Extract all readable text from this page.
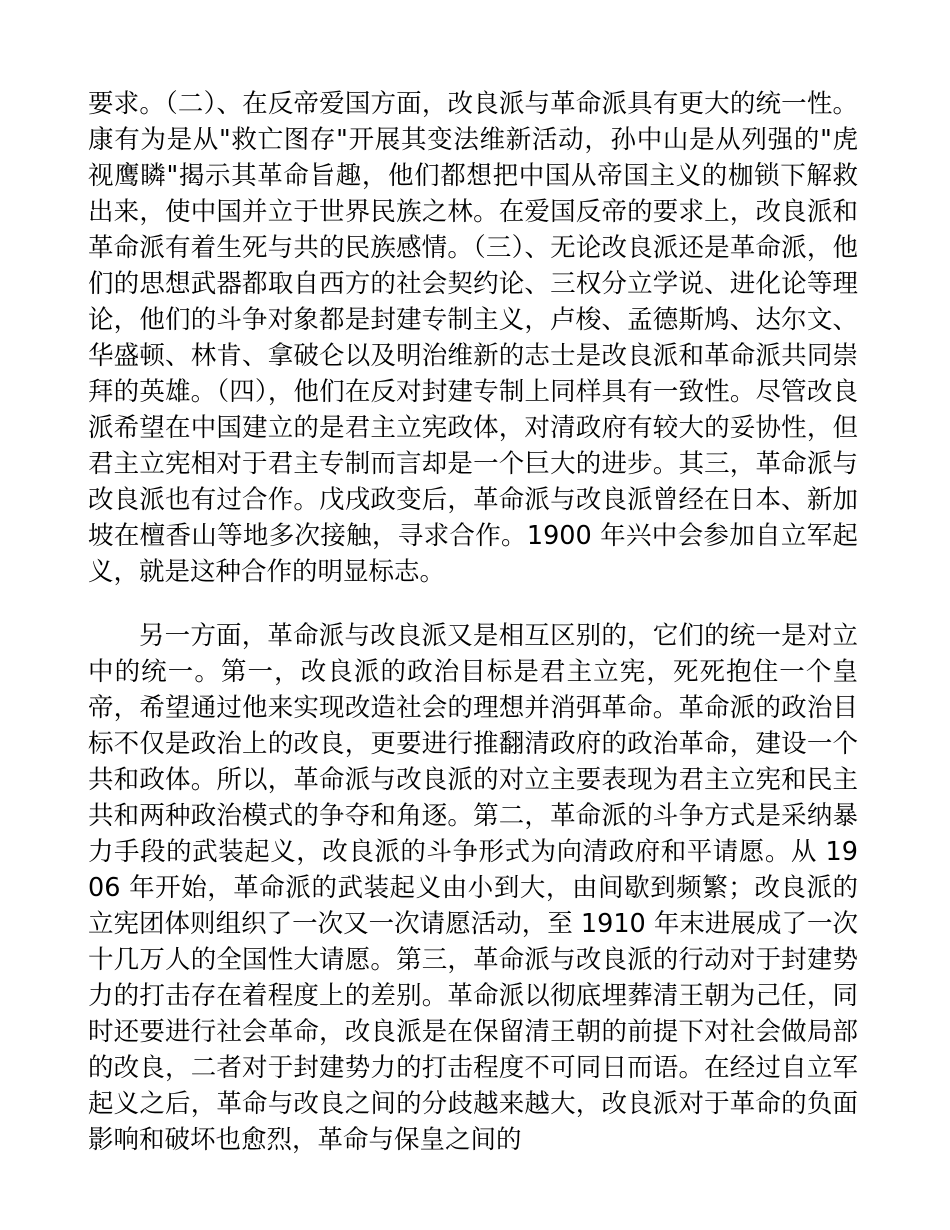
要求。（二）、在反帝爱国方面，改良派与革命派具有更大的统一性。康有为是从"救亡图存"开展其变法维新活动，孙中山是从列强的"虎视鹰瞵"揭示其革命旨趣，他们都想把中国从帝国主义的枷锁下解救出来，使中国并立于世界民族之林。在爱国反帝的要求上，改良派和革命派有着生死与共的民族感情。（三）、无论改良派还是革命派，他们的思想武器都取自西方的社会契约论、三权分立学说、进化论等理论，他们的斗争对象都是封建专制主义，卢梭、孟德斯鸠、达尔文、华盛顿、林肯、拿破仑以及明治维新的志士是改良派和革命派共同崇拜的英雄。（四），他们在反对封建专制上同样具有一致性。尽管改良派希望在中国建立的是君主立宪政体，对清政府有较大的妥协性，但君主立宪相对于君主专制而言却是一个巨大的进步。其三，革命派与改良派也有过合作。戊戌政变后，革命派与改良派曾经在日本、新加坡在檀香山等地多次接触，寻求合作。1900 年兴中会参加自立军起义，就是这种合作的明显标志。

另一方面，革命派与改良派又是相互区别的，它们的统一是对立中的统一。第一，改良派的政治目标是君主立宪，死死抱住一个皇帝，希望通过他来实现改造社会的理想并消弭革命。革命派的政治目标不仅是政治上的改良，更要进行推翻清政府的政治革命，建设一个共和政体。所以，革命派与改良派的对立主要表现为君主立宪和民主共和两种政治模式的争夺和角逐。第二，革命派的斗争方式是采纳暴力手段的武装起义，改良派的斗争形式为向清政府和平请愿。从 1906 年开始，革命派的武装起义由小到大，由间歇到频繁；改良派的立宪团体则组织了一次又一次请愿活动，至 1910 年末进展成了一次十几万人的全国性大请愿。第三，革命派与改良派的行动对于封建势力的打击存在着程度上的差别。革命派以彻底埋葬清王朝为己任，同时还要进行社会革命，改良派是在保留清王朝的前提下对社会做局部的改良，二者对于封建势力的打击程度不可同日而语。在经过自立军起义之后，革命与改良之间的分歧越来越大，改良派对于革命的负面影响和破坏也愈烈，革命与保皇之间的
